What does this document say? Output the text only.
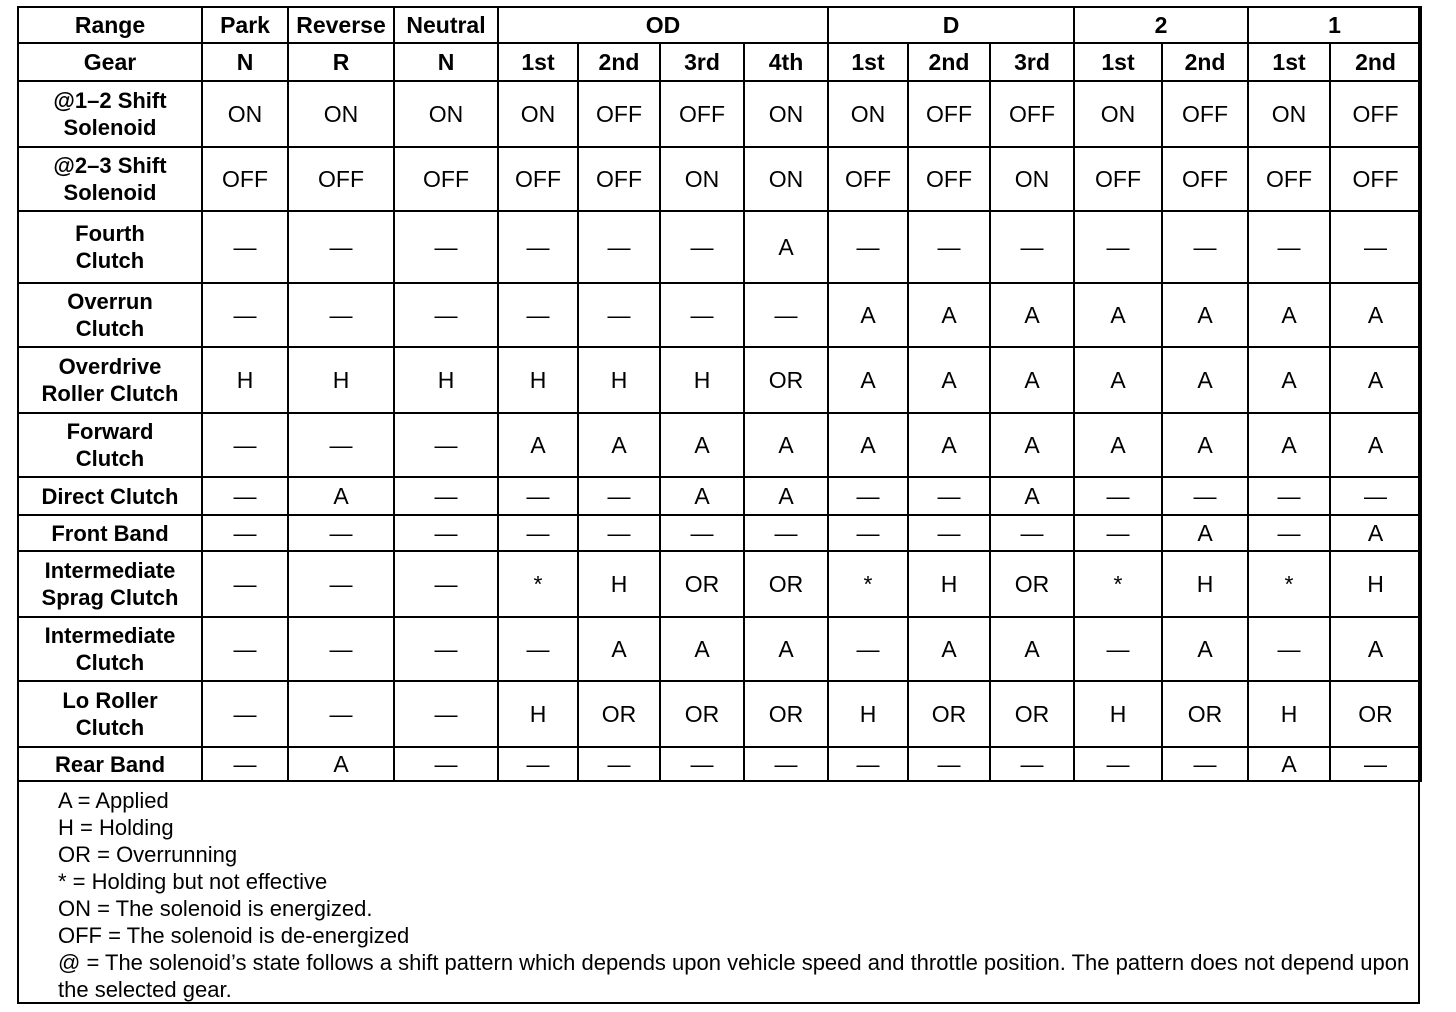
Range	Park	Reverse	Neutral	OD				D			2		1	
Gear	N	R	N	1st	2nd	3rd	4th	1st	2nd	3rd	1st	2nd	1st	2nd
@1–2 Shift
Solenoid	ON	ON	ON	ON	OFF	OFF	ON	ON	OFF	OFF	ON	OFF	ON	OFF
@2–3 Shift
Solenoid	OFF	OFF	OFF	OFF	OFF	ON	ON	OFF	OFF	ON	OFF	OFF	OFF	OFF
Fourth
Clutch	—	—	—	—	—	—	A	—	—	—	—	—	—	—
Overrun
Clutch	—	—	—	—	—	—	—	A	A	A	A	A	A	A
Overdrive
Roller Clutch	H	H	H	H	H	H	OR	A	A	A	A	A	A	A
Forward
Clutch	—	—	—	A	A	A	A	A	A	A	A	A	A	A
Direct Clutch	—	A	—	—	—	A	A	—	—	A	—	—	—	—
Front Band	—	—	—	—	—	—	—	—	—	—	—	A	—	A
Intermediate
Sprag Clutch	—	—	—	*	H	OR	OR	*	H	OR	*	H	*	H
Intermediate
Clutch	—	—	—	—	A	A	A	—	A	A	—	A	—	A
Lo Roller
Clutch	—	—	—	H	OR	OR	OR	H	OR	OR	H	OR	H	OR
Rear Band	—	A	—	—	—	—	—	—	—	—	—	—	A	—
A = Applied
H = Holding
OR = Overrunning
* = Holding but not effective
ON = The solenoid is energized.
OFF = The solenoid is de-energized
@ = The solenoid’s state follows a shift pattern which depends upon vehicle speed and throttle position. The pattern does not depend upon the selected gear.
